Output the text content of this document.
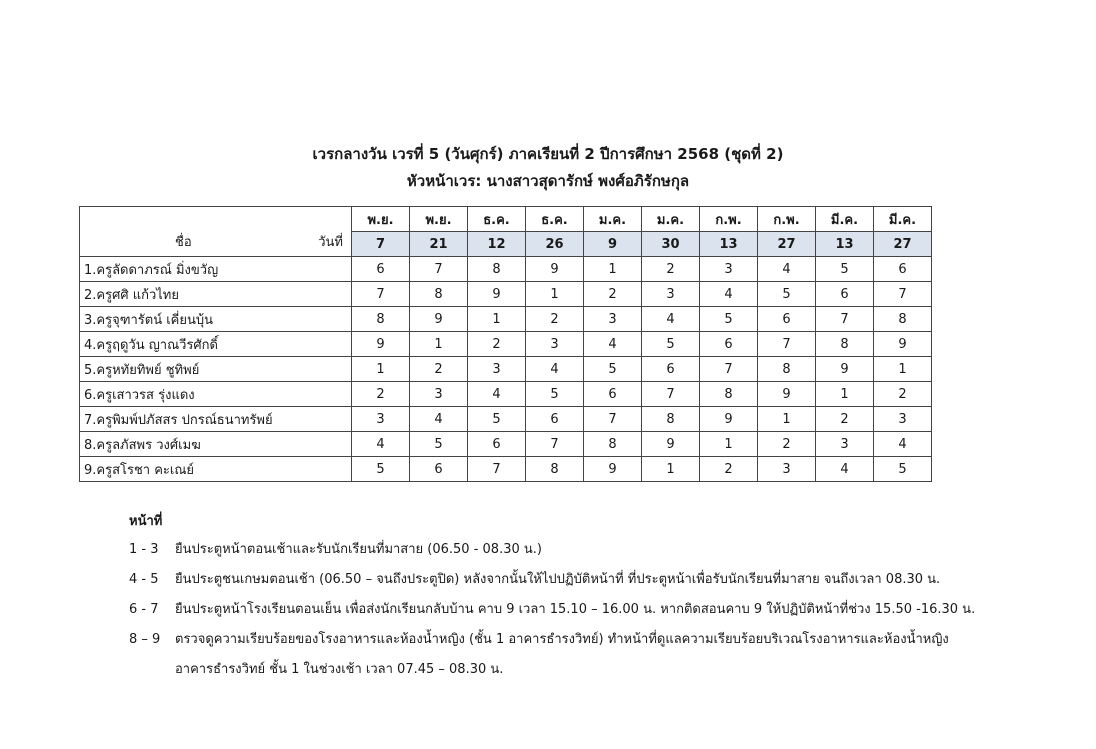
เวรกลางวัน เวรที่ 5 (วันศุกร์) ภาคเรียนที่ 2 ปีการศึกษา 2568 (ชุดที่ 2)
หัวหน้าเวร: นางสาวสุดารักษ์ พงศ์อภิรักษกุล
ชื่อ วันที่	พ.ย.	พ.ย.	ธ.ค.	ธ.ค.	ม.ค.	ม.ค.	ก.พ.	ก.พ.	มี.ค.	มี.ค.
	7	21	12	26	9	30	13	27	13	27
1.ครูลัดดาภรณ์ มิ่งขวัญ	6	7	8	9	1	2	3	4	5	6
2.ครูศศิ แก้วไทย	7	8	9	1	2	3	4	5	6	7
3.ครูจุฑารัตน์ เคี่ยนบุ้น	8	9	1	2	3	4	5	6	7	8
4.ครูฤดูวัน ญาณวีรศักดิ์	9	1	2	3	4	5	6	7	8	9
5.ครูหทัยทิพย์ ชูทิพย์	1	2	3	4	5	6	7	8	9	1
6.ครูเสาวรส รุ่งแดง	2	3	4	5	6	7	8	9	1	2
7.ครูพิมพ์ปภัสสร ปกรณ์ธนาทรัพย์	3	4	5	6	7	8	9	1	2	3
8.ครูลภัสพร วงศ์เมฆ	4	5	6	7	8	9	1	2	3	4
9.ครูสโรชา คะเณย์	5	6	7	8	9	1	2	3	4	5
หน้าที่
1 - 3	ยืนประตูหน้าตอนเช้าและรับนักเรียนที่มาสาย (06.50 - 08.30 น.)
4 - 5	ยืนประตูชนเกษมตอนเช้า (06.50 – จนถึงประตูปิด) หลังจากนั้นให้ไปปฏิบัติหน้าที่ ที่ประตูหน้าเพื่อรับนักเรียนที่มาสาย จนถึงเวลา 08.30 น.
6 - 7	ยืนประตูหน้าโรงเรียนตอนเย็น เพื่อส่งนักเรียนกลับบ้าน คาบ 9 เวลา 15.10 – 16.00 น. หากติดสอนคาบ 9 ให้ปฏิบัติหน้าที่ช่วง 15.50 -16.30 น.
8 – 9	ตรวจดูความเรียบร้อยของโรงอาหารและห้องน้ำหญิง (ชั้น 1 อาคารธำรงวิทย์) ทำหน้าที่ดูแลความเรียบร้อยบริเวณโรงอาหารและห้องน้ำหญิง
อาคารธำรงวิทย์ ชั้น 1 ในช่วงเช้า เวลา 07.45 – 08.30 น.
